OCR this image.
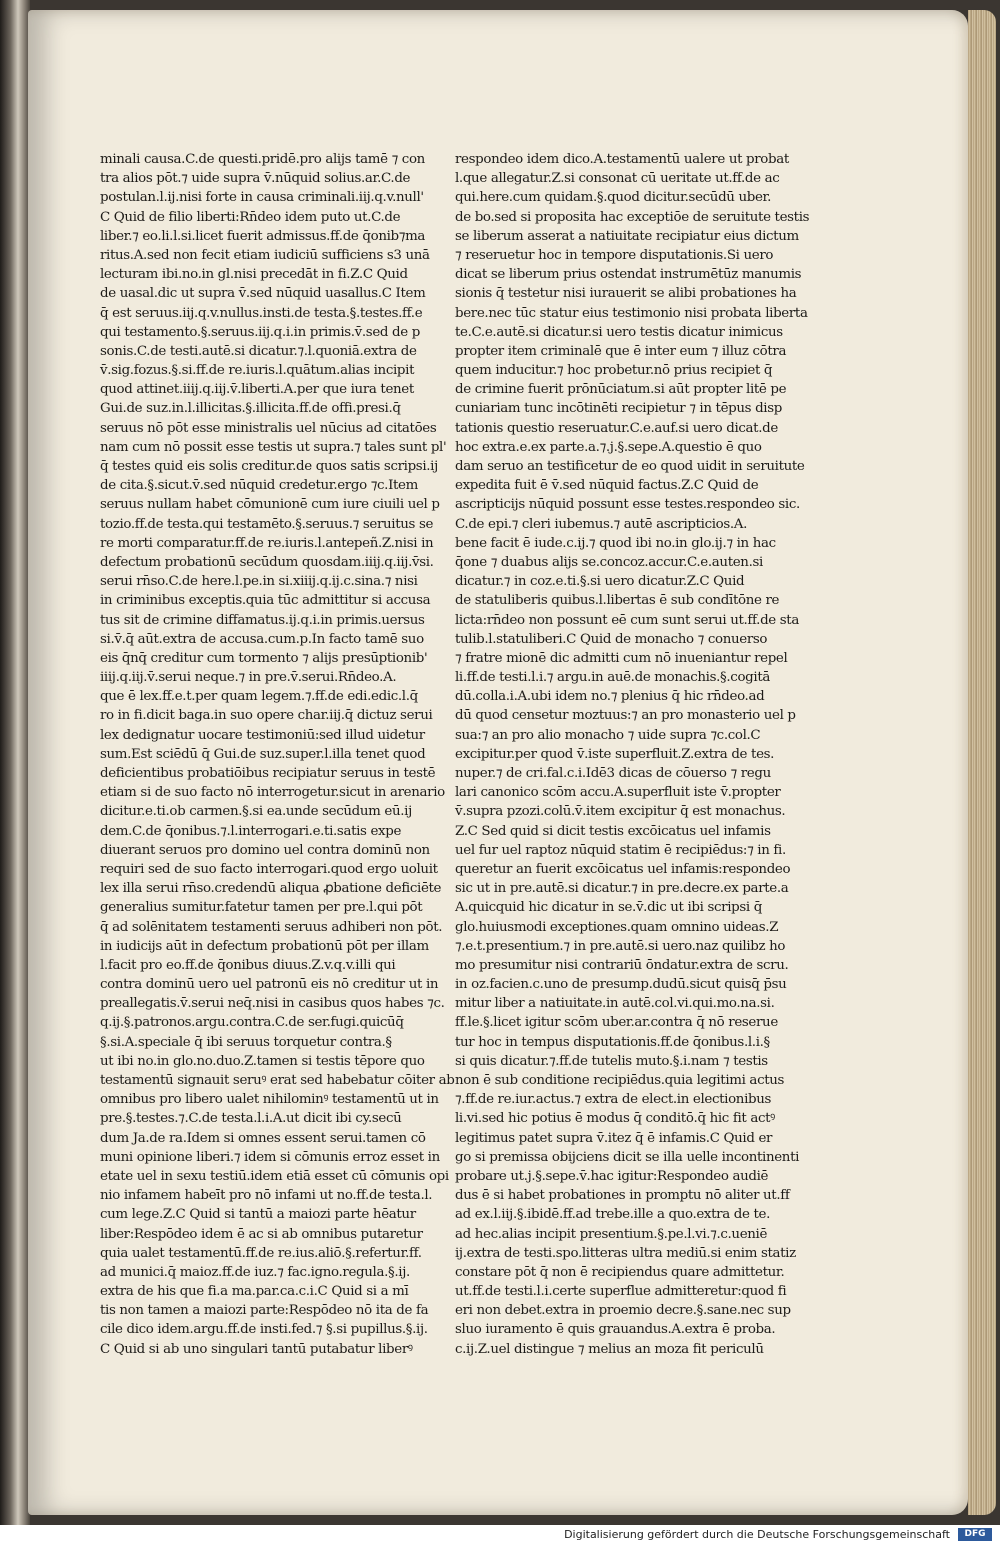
minali causa.C.de questi.pridē.pro alijs tamē ⁊ con
tra alios pōt.⁊ uide supra v̄.nūquid solius.ar.C.de
postulan.l.ij.nisi forte in causa criminali.iij.q.v.null'
C Quid de filio liberti:Rn̄deo idem puto ut.C.de
liber.⁊ eo.li.l.si.licet fuerit admissus.ff.de q̄onib⁊ma
ritus.A.sed non fecit etiam iudiciū sufficiens s3 unā
lecturam ibi.no.in gl.nisi precedāt in fi.Z.C Quid
de uasal.dic ut supra v̄.sed nūquid uasallus.C Item
q̄ est seruus.iij.q.v.nullus.insti.de testa.§.testes.ff.e
qui testamento.§.seruus.iij.q.i.in primis.v̄.sed de p
sonis.C.de testi.autē.si dicatur.⁊.l.quoniā.extra de
v̄.sig.fozus.§.si.ff.de re.iuris.l.quātum.alias incipit
quod attinet.iiij.q.iij.v̄.liberti.A.per que iura tenet
Gui.de suz.in.l.illicitas.§.illicita.ff.de offi.presi.q̄
seruus nō pōt esse ministralis uel nūcius ad citatōes
nam cum nō possit esse testis ut supra.⁊ tales sunt pl'
q̄ testes quid eis solis creditur.de quos satis scripsi.ij
de cita.§.sicut.v̄.sed nūquid credetur.ergo ⁊c.Item
seruus nullam habet cōmunionē cum iure ciuili uel p
tozio.ff.de testa.qui testamēto.§.seruus.⁊ seruitus se
re morti comparatur.ff.de re.iuris.l.antepeñ.Z.nisi in
defectum probationū secūdum quosdam.iiij.q.iij.v̄si.
serui rn̄so.C.de here.l.pe.in si.xiiij.q.ij.c.sina.⁊ nisi
in criminibus exceptis.quia tūc admittitur si accusa
tus sit de crimine diffamatus.ij.q.i.in primis.uersus
si.v̄.q̄ aūt.extra de accusa.cum.p.In facto tamē suo
eis q̄nq̄ creditur cum tormento ⁊ alijs presūptionib'
iiij.q.iij.v̄.serui neque.⁊ in pre.v̄.serui.Rn̄deo.A.
que ē lex.ff.e.t.per quam legem.⁊.ff.de edi.edic.l.q̄
ro in fi.dicit baga.in suo opere char.iij.q̄ dictuz serui
lex dedignatur uocare testimoniū:sed illud uidetur
sum.Est sciēdū q̄ Gui.de suz.super.l.illa tenet quod
deficientibus probatiōibus recipiatur seruus in testē
etiam si de suo facto nō interrogetur.sicut in arenario
dicitur.e.ti.ob carmen.§.si ea.unde secūdum eū.ij
dem.C.de q̄onibus.⁊.l.interrogari.e.ti.satis expe
diuerant seruos pro domino uel contra dominū non
requiri sed de suo facto interrogari.quod ergo uoluit
lex illa serui rn̄so.credendū aliqua ꝓbatione deficiēte
generalius sumitur.fatetur tamen per pre.l.qui pōt
q̄ ad solēnitatem testamenti seruus adhiberi non pōt.
in iudicijs aūt in defectum probationū pōt per illam
l.facit pro eo.ff.de q̄onibus diuus.Z.v.q.v.illi qui
contra dominū uero uel patronū eis nō creditur ut in
preallegatis.v̄.serui neq̄.nisi in casibus quos habes ⁊c.
q.ij.§.patronos.argu.contra.C.de ser.fugi.quicūq̄
§.si.A.speciale q̄ ibi seruus torquetur contra.§
ut ibi no.in glo.no.duo.Z.tamen si testis tēpore quo
testamentū signauit seruꝰ erat sed habebatur cōiter ab
omnibus pro libero ualet nihilominꝰ testamentū ut in
pre.§.testes.⁊.C.de testa.l.i.A.ut dicit ibi cy.secū
dum Ja.de ra.Idem si omnes essent serui.tamen cō
muni opinione liberi.⁊ idem si cōmunis erroz esset in
etate uel in sexu testiū.idem etiā esset cū cōmunis opi
nio infamem habeīt pro nō infami ut no.ff.de testa.l.
cum lege.Z.C Quid si tantū a maiozi parte hēatur
liber:Respōdeo idem ē ac si ab omnibus putaretur
quia ualet testamentū.ff.de re.ius.aliō.§.refertur.ff.
ad munici.q̄ maioz.ff.de iuz.⁊ fac.igno.regula.§.ij.
extra de his que fi.a ma.par.ca.c.i.C Quid si a mī
tis non tamen a maiozi parte:Respōdeo nō ita de fa
cile dico idem.argu.ff.de insti.fed.⁊ §.si pupillus.§.ij.
C Quid si ab uno singulari tantū putabatur liberꝰ
respondeo idem dico.A.testamentū ualere ut probat
l.que allegatur.Z.si consonat cū ueritate ut.ff.de ac
qui.here.cum quidam.§.quod dicitur.secūdū uber.
de bo.sed si proposita hac exceptiōe de seruitute testis
se liberum asserat a natiuitate recipiatur eius dictum
⁊ reseruetur hoc in tempore disputationis.Si uero
dicat se liberum prius ostendat instrumētūz manumis
sionis q̄ testetur nisi iurauerit se alibi probationes ha
bere.nec tūc statur eius testimonio nisi probata liberta
te.C.e.autē.si dicatur.si uero testis dicatur inimicus
propter item criminalē que ē inter eum ⁊ illuz cōtra
quem inducitur.⁊ hoc probetur.nō prius recipiet q̄
de crimine fuerit prōnūciatum.si aūt propter litē pe
cuniariam tunc incōtinēti recipietur ⁊ in tēpus disp
tationis questio reseruatur.C.e.auf.si uero dicat.de
hoc extra.e.ex parte.a.⁊.j.§.sepe.A.questio ē quo
dam seruo an testificetur de eo quod uidit in seruitute
expedita fuit ē v̄.sed nūquid factus.Z.C Quid de
ascripticijs nūquid possunt esse testes.respondeo sic.
C.de epi.⁊ cleri iubemus.⁊ autē ascripticios.A.
bene facit ē iude.c.ij.⁊ quod ibi no.in glo.ij.⁊ in hac
q̄one ⁊ duabus alijs se.concoz.accur.C.e.auten.si
dicatur.⁊ in coz.e.ti.§.si uero dicatur.Z.C Quid
de statuliberis quibus.l.libertas ē sub condītōne re
licta:rn̄deo non possunt eē cum sunt serui ut.ff.de sta
tulib.l.statuliberi.C Quid de monacho ⁊ conuerso
⁊ fratre mionē dic admitti cum nō inueniantur repel
li.ff.de testi.l.i.⁊ argu.in auē.de monachis.§.cogitā
dū.colla.i.A.ubi idem no.⁊ plenius q̄ hic rn̄deo.ad
dū quod censetur moztuus:⁊ an pro monasterio uel p
sua:⁊ an pro alio monacho ⁊ uide supra ⁊c.col.C
excipitur.per quod v̄.iste superfluit.Z.extra de tes.
nuper.⁊ de cri.fal.c.i.Idē3 dicas de cōuerso ⁊ regu
lari canonico scōm accu.A.superfluit iste v̄.propter
v̄.supra pzozi.colū.v̄.item excipitur q̄ est monachus.
Z.C Sed quid si dicit testis excōicatus uel infamis
uel fur uel raptoz nūquid statim ē recipiēdus:⁊ in fi.
queretur an fuerit excōicatus uel infamis:respondeo
sic ut in pre.autē.si dicatur.⁊ in pre.decre.ex parte.a
A.quicquid hic dicatur in se.v̄.dic ut ibi scripsi q̄
glo.huiusmodi exceptiones.quam omnino uideas.Z
⁊.e.t.presentium.⁊ in pre.autē.si uero.naz quilibz ho
mo presumitur nisi contrariū ōndatur.extra de scru.
in oz.facien.c.uno de presump.dudū.sicut quisq̄ p̄su
mitur liber a natiuitate.in autē.col.vi.qui.mo.na.si.
ff.le.§.licet igitur scōm uber.ar.contra q̄ nō reserue
tur hoc in tempus disputationis.ff.de q̄onibus.l.i.§
si quis dicatur.⁊.ff.de tutelis muto.§.i.nam ⁊ testis
non ē sub conditione recipiēdus.quia legitimi actus
⁊.ff.de re.iur.actus.⁊ extra de elect.in electionibus
li.vi.sed hic potius ē modus q̄ conditō.q̄ hic fit actꝰ
legitimus patet supra v̄.itez q̄ ē infamis.C Quid er
go si premissa obijciens dicit se illa uelle incontinenti
probare ut.j.§.sepe.v̄.hac igitur:Respondeo audiē
dus ē si habet probationes in promptu nō aliter ut.ff
ad ex.l.iij.§.ibidē.ff.ad trebe.ille a quo.extra de te.
ad hec.alias incipit presentium.§.pe.l.vi.⁊.c.ueniē
ij.extra de testi.spo.litteras ultra mediū.si enim statiz
constare pōt q̄ non ē recipiendus quare admittetur.
ut.ff.de testi.l.i.certe superflue admitteretur:quod fi
eri non debet.extra in proemio decre.§.sane.nec sup
sluo iuramento ē quis grauandus.A.extra ē proba.
c.ij.Z.uel distingue ⁊ melius an moza fit periculū
Digitalisierung gefördert durch die Deutsche Forschungsgemeinschaft	DFG
